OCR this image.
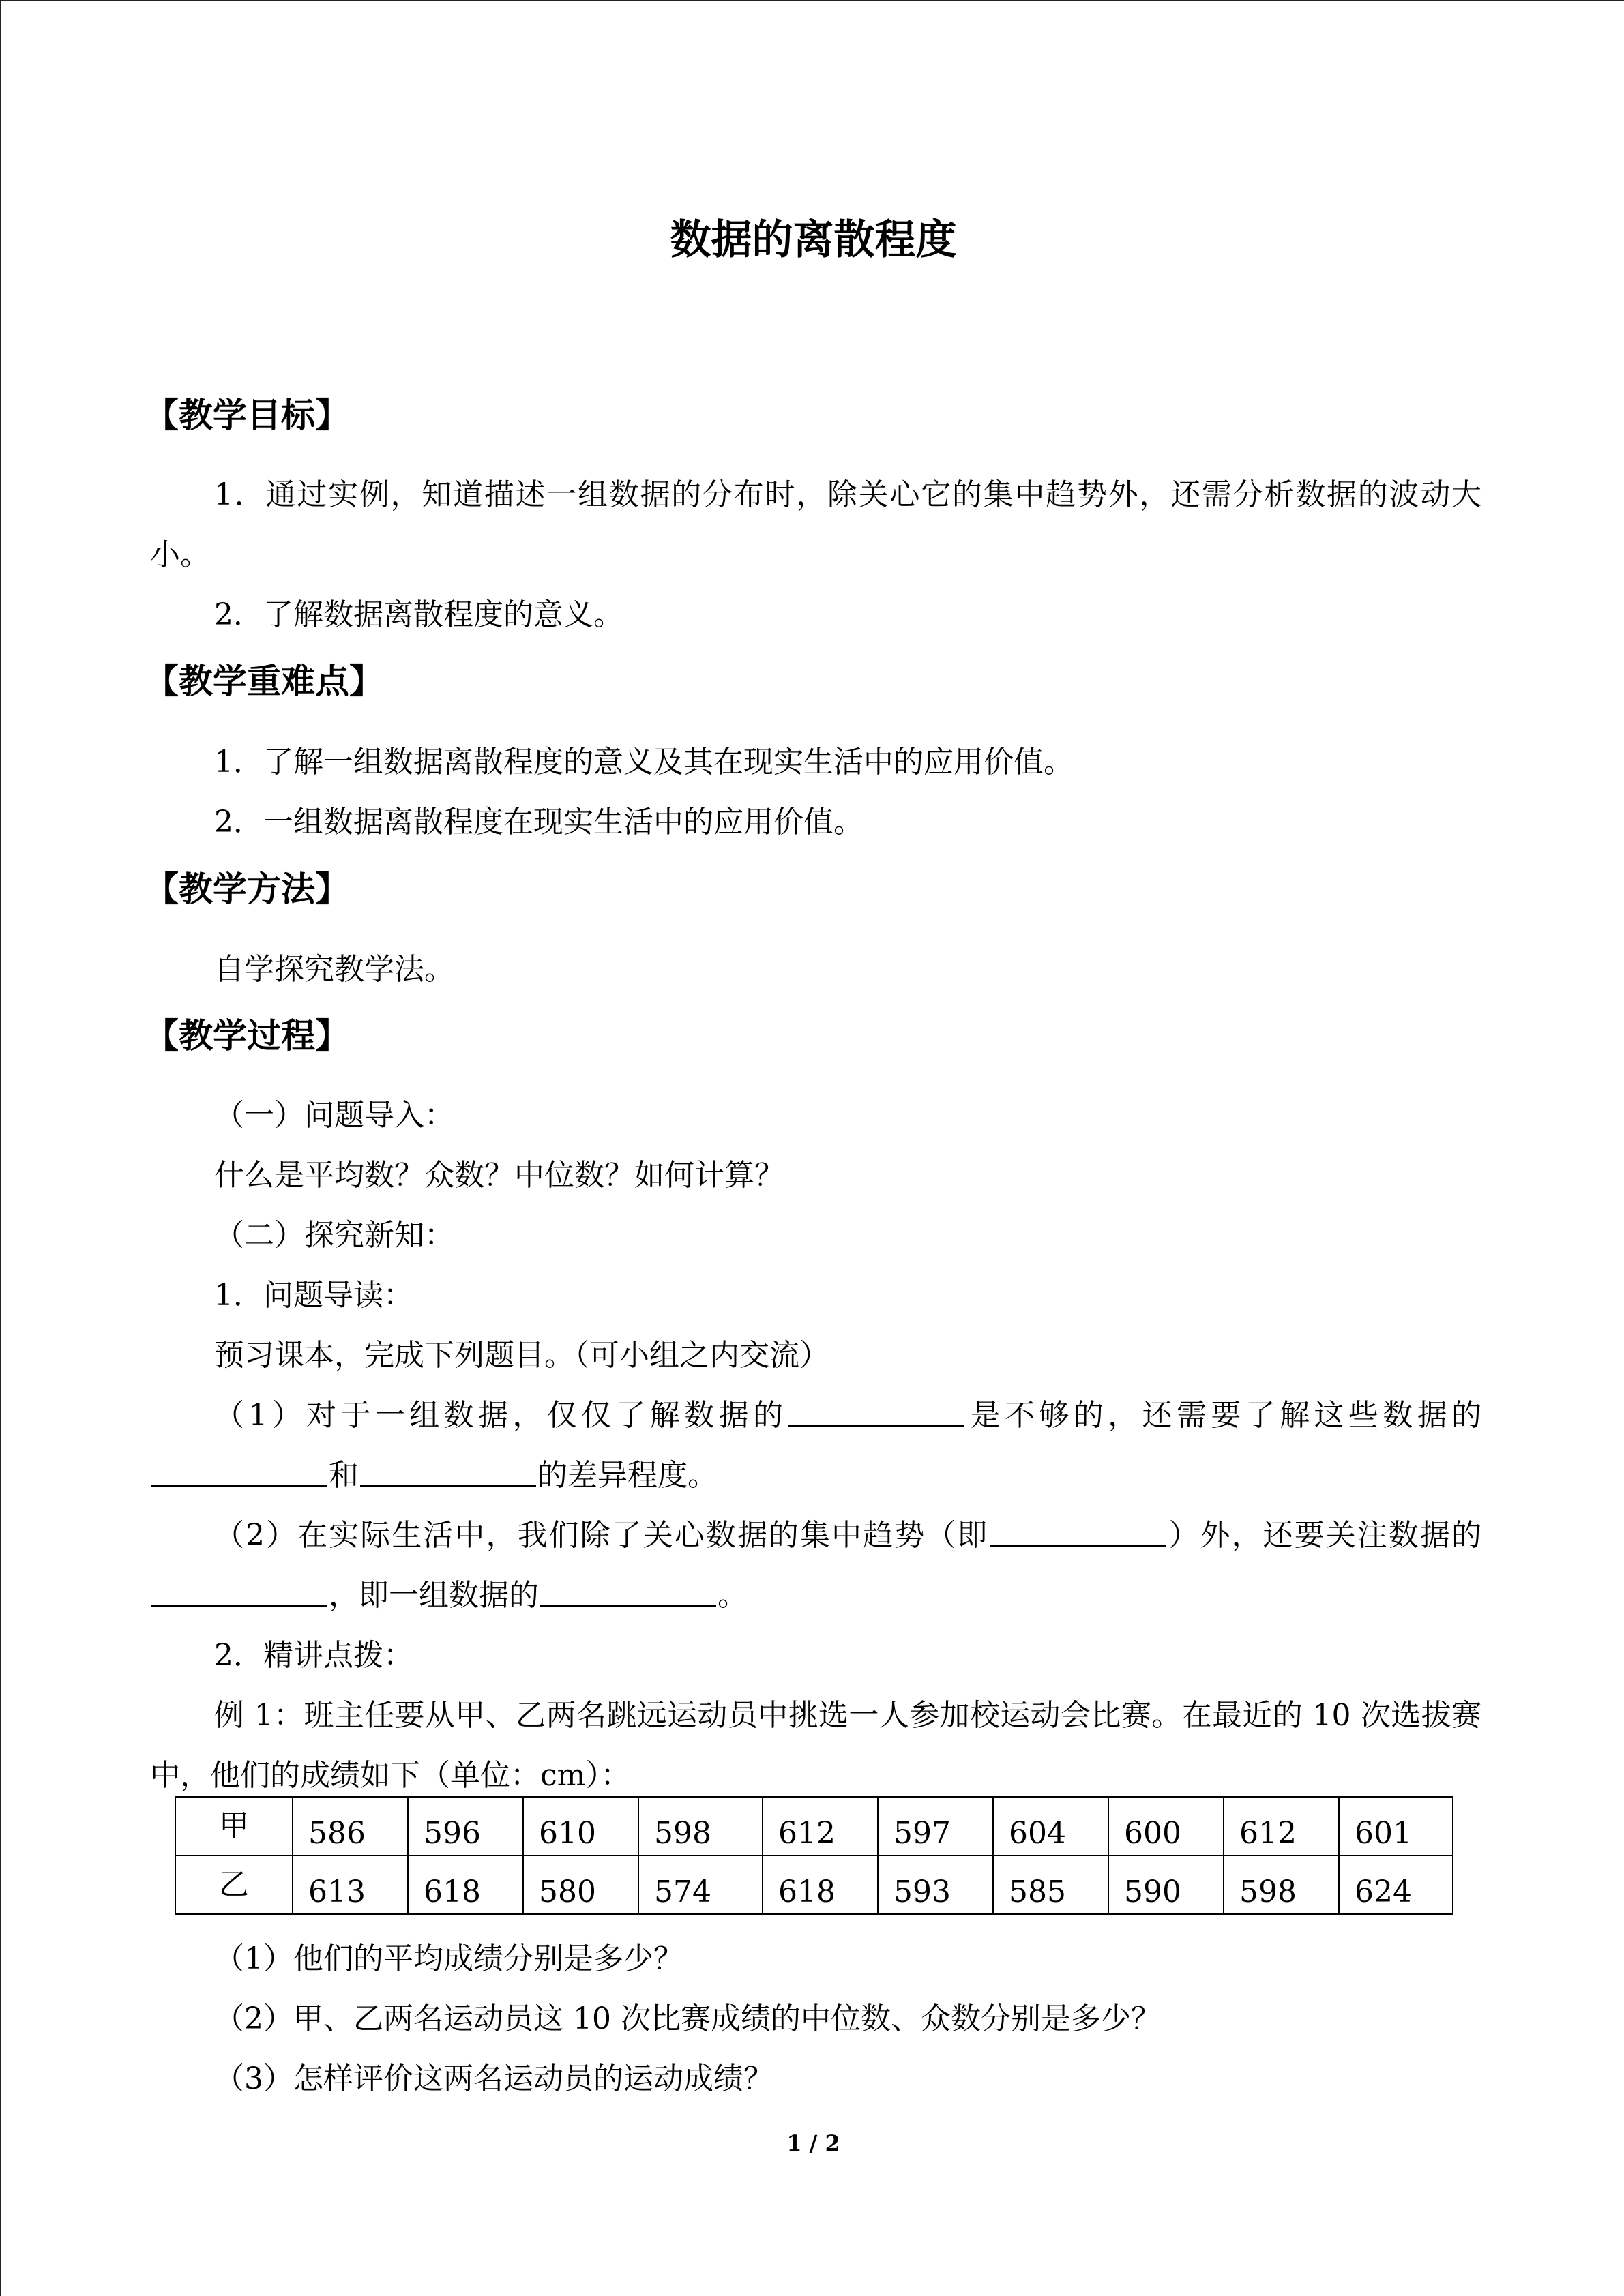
数据的离散程度
【教学目标】
1．通过实例，知道描述一组数据的分布时，除关心它的集中趋势外，还需分析数据的波动大小。
2．了解数据离散程度的意义。
【教学重难点】
1．了解一组数据离散程度的意义及其在现实生活中的应用价值。
2．一组数据离散程度在现实生活中的应用价值。
【教学方法】
自学探究教学法。
【教学过程】
（一）问题导入：
什么是平均数？众数？中位数？如何计算？
（二）探究新知：
1．问题导读：
预习课本，完成下列题目。（可小组之内交流）
（1）对于一组数据，仅仅了解数据的	是不够的，还需要了解这些数据的和	的差异程度。
（2）在实际生活中，我们除了关心数据的集中趋势（即	）外，还要关注数据的，即一组数据的	。
2．精讲点拨：
例 1：班主任要从甲、乙两名跳远运动员中挑选一人参加校运动会比赛。在最近的 10 次选拔赛中，他们的成绩如下（单位：cm）：
甲	586	596	610	598	612	597	604	600	612	601
乙	613	618	580	574	618	593	585	590	598	624
（1）他们的平均成绩分别是多少？
（2）甲、乙两名运动员这 10 次比赛成绩的中位数、众数分别是多少？
（3）怎样评价这两名运动员的运动成绩？
1 / 2
